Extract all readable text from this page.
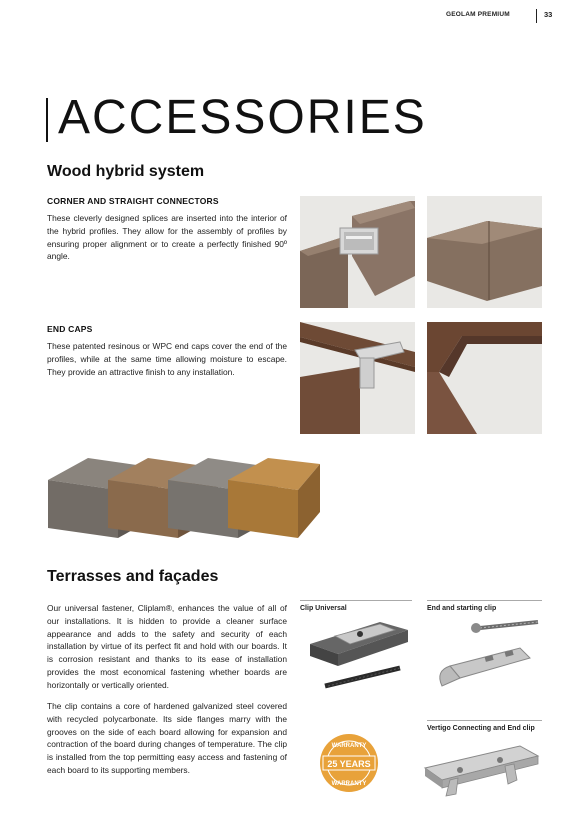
GEOLAM PREMIUM	33
ACCESSORIES
Wood hybrid system
CORNER AND STRAIGHT CONNECTORS
These cleverly designed splices are inserted into the interior of the hybrid profiles. They allow for the assembly of profiles by ensuring proper alignment or to create a perfectly finished 90º angle.
END CAPS
These patented resinous or WPC end caps cover the end of the profiles, while at the same time allowing moisture to escape. They provide an attractive finish to any installation.
Terrasses and façades
Our universal fastener, Cliplam®, enhances the value of all of our installations. It is hidden to provide a cleaner surface appearance and adds to the safety and security of each installation by virtue of its perfect fit and hold with our boards. It is corrosion resistant and thanks to its ease of installation provides the most economical fastening whether boards are horizontally or vertically oriented.
The clip contains a core of hardened galvanized steel covered with recycled polycarbonate. Its side flanges marry with the grooves on the side of each board allowing for expansion and contraction of the board during changes of temperature. The clip is installed from the top permitting easy access and fastening of each board to its supporting members.
Clip Universal	End and starting clip
Vertigo Connecting and End clip
WARRANTY
25 YEARS
WARRANTY
